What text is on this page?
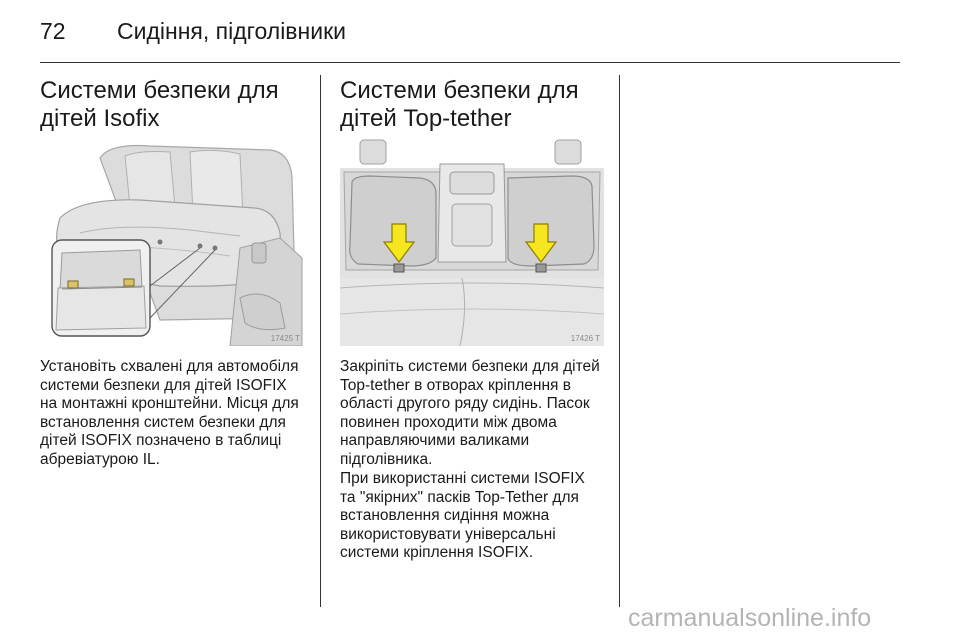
72 Сидіння, підголівники
Системи безпеки для
дітей Isofix
17425 T

Установіть схвалені для автомобіля системи безпеки для дітей ISOFIX на монтажні кронштейни. Місця для встановлення систем безпеки для дітей ISOFIX позначено в таблиці абревіатурою IL.

Системи безпеки для
дітей Top-tether
17426 T

Закріпіть системи безпеки для дітей Top-tether в отворах кріплення в області другого ряду сидінь. Пасок повинен проходити між двома направляючими валиками підголівника.

При використанні системи ISOFIX та "якірних" пасків Top-Tether для встановлення сидіння можна використовувати універсальні системи кріплення ISOFIX.

carmanualsonline.info
